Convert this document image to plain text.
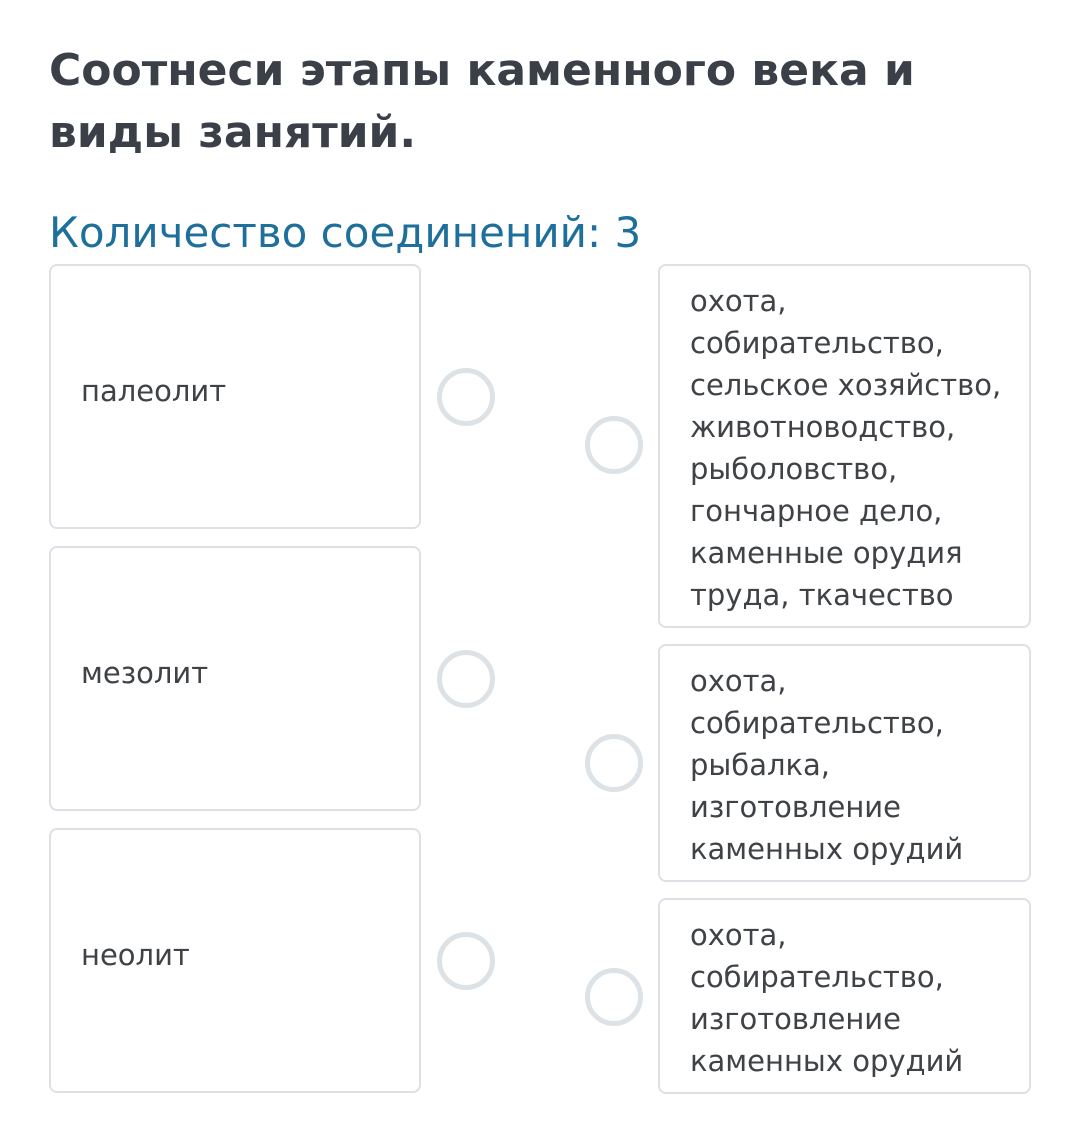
Соотнеси этапы каменного века и виды занятий.

Количество соединений: 3

палеолит
мезолит
неолит
охота, собирательство, сельское хозяйство, животноводство, рыболовство, гончарное дело, каменные орудия труда, ткачество
охота, собирательство, рыбалка, изготовление каменных орудий
охота, собирательство, изготовление каменных орудий
